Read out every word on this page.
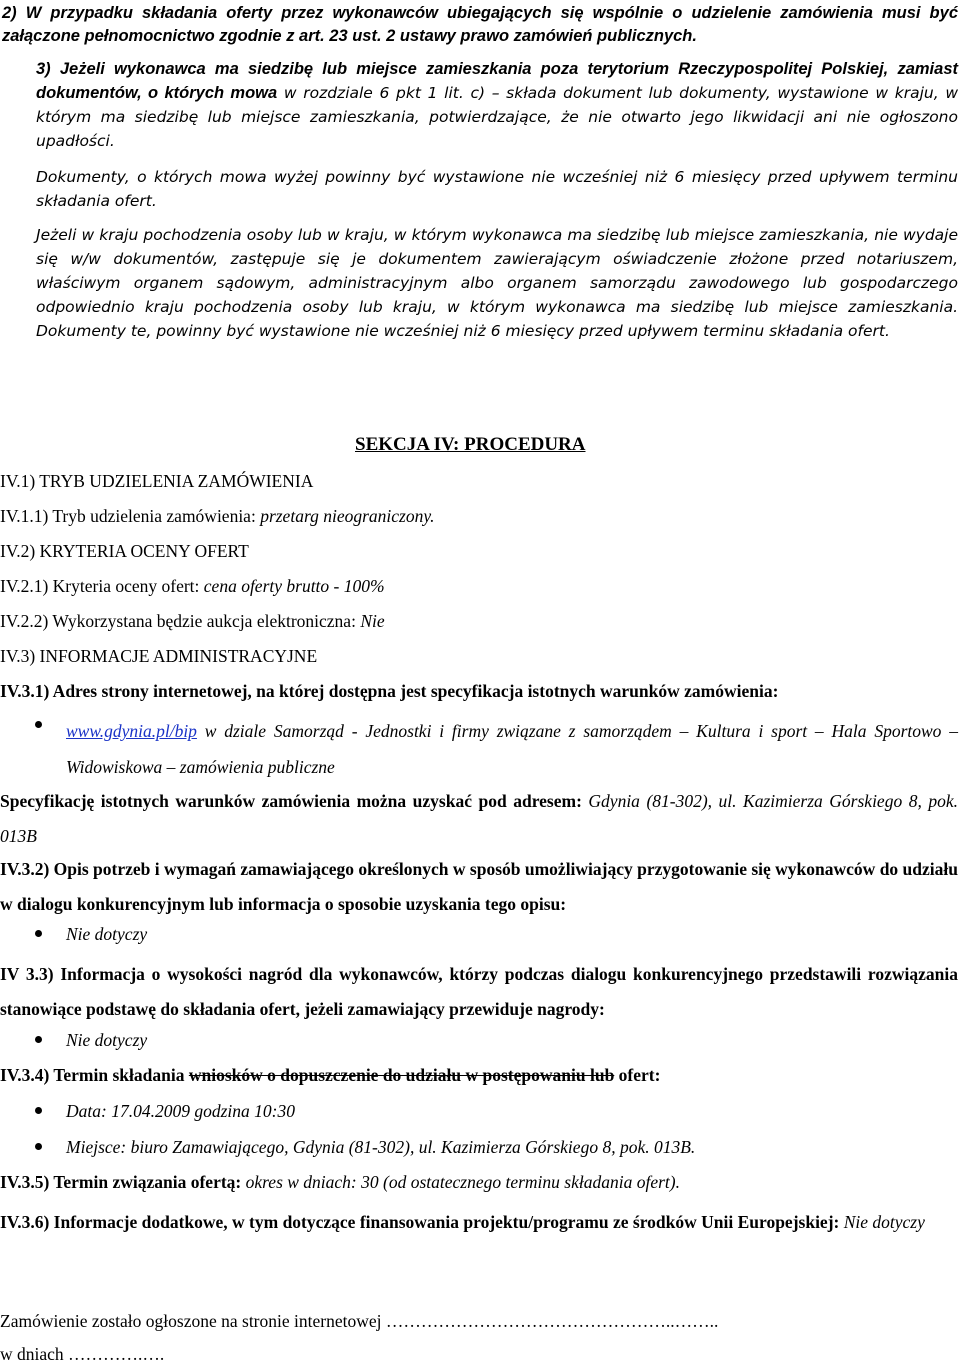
2) W przypadku składania oferty przez wykonawców ubiegających się wspólnie o udzielenie zamówienia musi być załączone pełnomocnictwo zgodnie z art. 23 ust. 2 ustawy prawo zamówień publicznych.

3) Jeżeli wykonawca ma siedzibę lub miejsce zamieszkania poza terytorium Rzeczypospolitej Polskiej, zamiast dokumentów, o których mowa w rozdziale 6 pkt 1 lit. c) – składa dokument lub dokumenty, wystawione w kraju, w którym ma siedzibę lub miejsce zamieszkania, potwierdzające, że nie otwarto jego likwidacji ani nie ogłoszono upadłości.

Dokumenty, o których mowa wyżej powinny być wystawione nie wcześniej niż 6 miesięcy przed upływem terminu składania ofert.

Jeżeli w kraju pochodzenia osoby lub w kraju, w którym wykonawca ma siedzibę lub miejsce zamieszkania, nie wydaje się w/w dokumentów, zastępuje się je dokumentem zawierającym oświadczenie złożone przed notariuszem, właściwym organem sądowym, administracyjnym albo organem samorządu zawodowego lub gospodarczego odpowiednio kraju pochodzenia osoby lub kraju, w którym wykonawca ma siedzibę lub miejsce zamieszkania. Dokumenty te, powinny być wystawione nie wcześniej niż 6 miesięcy przed upływem terminu składania ofert.

SEKCJA IV: PROCEDURA
IV.1) TRYB UDZIELENIA ZAMÓWIENIA
IV.1.1) Tryb udzielenia zamówienia: przetarg nieograniczony.
IV.2) KRYTERIA OCENY OFERT
IV.2.1) Kryteria oceny ofert: cena oferty brutto - 100%
IV.2.2) Wykorzystana będzie aukcja elektroniczna: Nie
IV.3) INFORMACJE ADMINISTRACYJNE
IV.3.1) Adres strony internetowej, na której dostępna jest specyfikacja istotnych warunków zamówienia:

www.gdynia.pl/bip w dziale Samorząd - Jednostki i firmy związane z samorządem – Kultura i sport – Hala Sportowo – Widowiskowa – zamówienia publiczne

Specyfikację istotnych warunków zamówienia można uzyskać pod adresem: Gdynia (81-302), ul. Kazimierza Górskiego 8, pok. 013B

IV.3.2) Opis potrzeb i wymagań zamawiającego określonych w sposób umożliwiający przygotowanie się wykonawców do udziału w dialogu konkurencyjnym lub informacja o sposobie uzyskania tego opisu:

Nie dotyczy

IV 3.3) Informacja o wysokości nagród dla wykonawców, którzy podczas dialogu konkurencyjnego przedstawili rozwiązania stanowiące podstawę do składania ofert, jeżeli zamawiający przewiduje nagrody:

Nie dotyczy
IV.3.4) Termin składania wniosków o dopuszczenie do udziału w postępowaniu lub ofert:
Data: 17.04.2009 godzina 10:30
Miejsce: biuro Zamawiającego, Gdynia (81-302), ul. Kazimierza Górskiego 8, pok. 013B.
IV.3.5) Termin związania ofertą: okres w dniach: 30 (od ostatecznego terminu składania ofert).

IV.3.6) Informacje dodatkowe, w tym dotyczące finansowania projektu/programu ze środków Unii Europejskiej: Nie dotyczy

Zamówienie zostało ogłoszone na stronie internetowej …………………………………………..……..
w dniach ………….….
